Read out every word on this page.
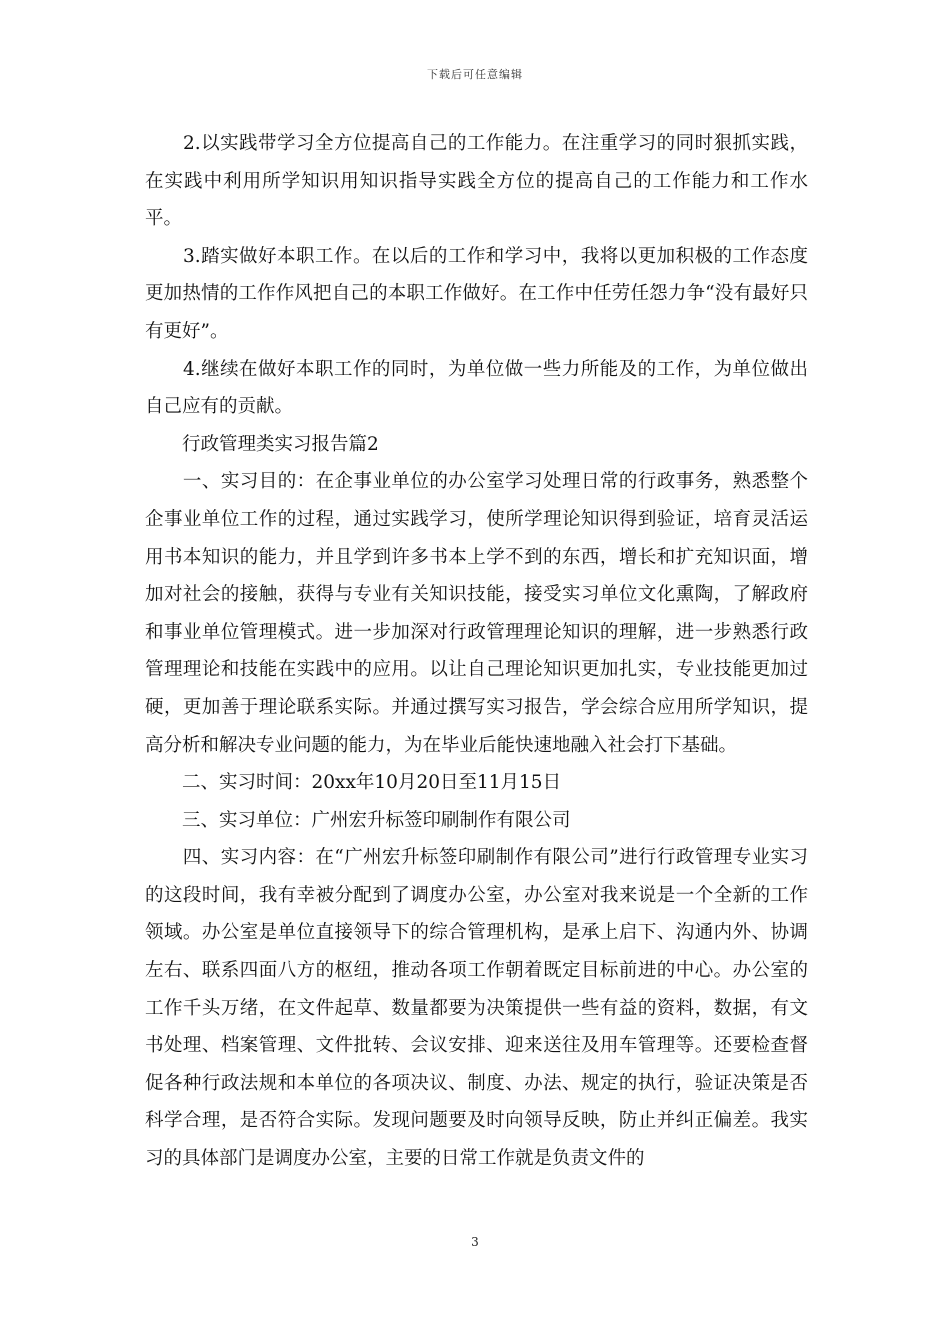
下载后可任意编辑

　　2.以实践带学习全方位提高自己的工作能力。在注重学习的同时狠抓实践，在实践中利用所学知识用知识指导实践全方位的提高自己的工作能力和工作水平。

　　3.踏实做好本职工作。在以后的工作和学习中，我将以更加积极的工作态度更加热情的工作作风把自己的本职工作做好。在工作中任劳任怨力争“没有最好只有更好”。

　　4.继续在做好本职工作的同时，为单位做一些力所能及的工作，为单位做出自己应有的贡献。

　　行政管理类实习报告篇2

　　一、实习目的：在企事业单位的办公室学习处理日常的行政事务，熟悉整个企事业单位工作的过程，通过实践学习，使所学理论知识得到验证，培育灵活运用书本知识的能力，并且学到许多书本上学不到的东西，增长和扩充知识面，增加对社会的接触，获得与专业有关知识技能，接受实习单位文化熏陶，了解政府和事业单位管理模式。进一步加深对行政管理理论知识的理解，进一步熟悉行政管理理论和技能在实践中的应用。以让自己理论知识更加扎实，专业技能更加过硬，更加善于理论联系实际。并通过撰写实习报告，学会综合应用所学知识，提高分析和解决专业问题的能力，为在毕业后能快速地融入社会打下基础。

　　二、实习时间：20xx年10月20日至11月15日

　　三、实习单位：广州宏升标签印刷制作有限公司

　　四、实习内容：在“广州宏升标签印刷制作有限公司”进行行政管理专业实习的这段时间，我有幸被分配到了调度办公室，办公室对我来说是一个全新的工作领域。办公室是单位直接领导下的综合管理机构，是承上启下、沟通内外、协调左右、联系四面八方的枢纽，推动各项工作朝着既定目标前进的中心。办公室的工作千头万绪，在文件起草、数量都要为决策提供一些有益的资料，数据，有文书处理、档案管理、文件批转、会议安排、迎来送往及用车管理等。还要检查督促各种行政法规和本单位的各项决议、制度、办法、规定的执行，验证决策是否科学合理，是否符合实际。发现问题要及时向领导反映，防止并纠正偏差。我实习的具体部门是调度办公室，主要的日常工作就是负责文件的

3
